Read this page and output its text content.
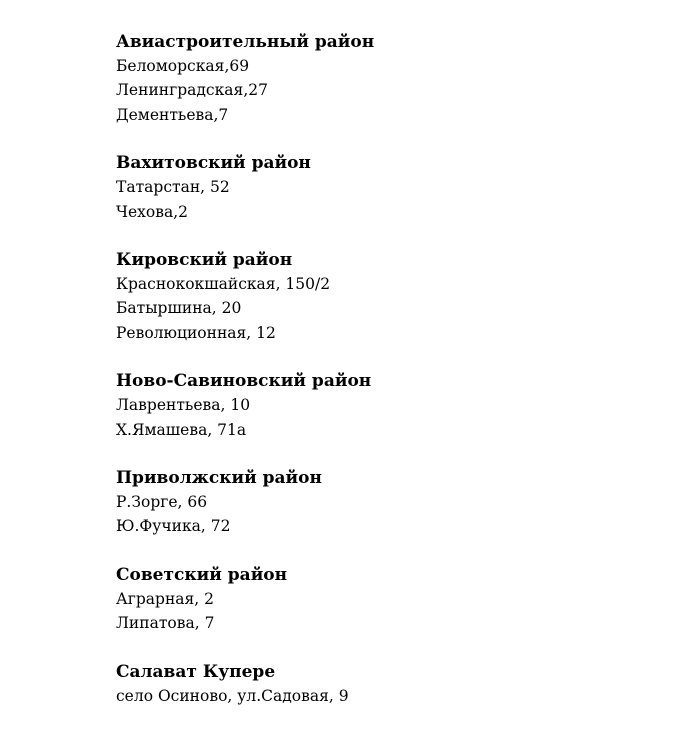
Авиастроительный район
Беломорская,69
Ленинградская,27
Дементьева,7
Вахитовский район
Татарстан, 52
Чехова,2
Кировский район
Краснококшайская, 150/2
Батыршина, 20
Революционная, 12
Ново-Савиновский район
Лаврентьева, 10
Х.Ямашева, 71а
Приволжский район
Р.Зорге, 66
Ю.Фучика, 72
Советский район
Аграрная, 2
Липатова, 7
Салават Купере
село Осиново, ул.Садовая, 9
